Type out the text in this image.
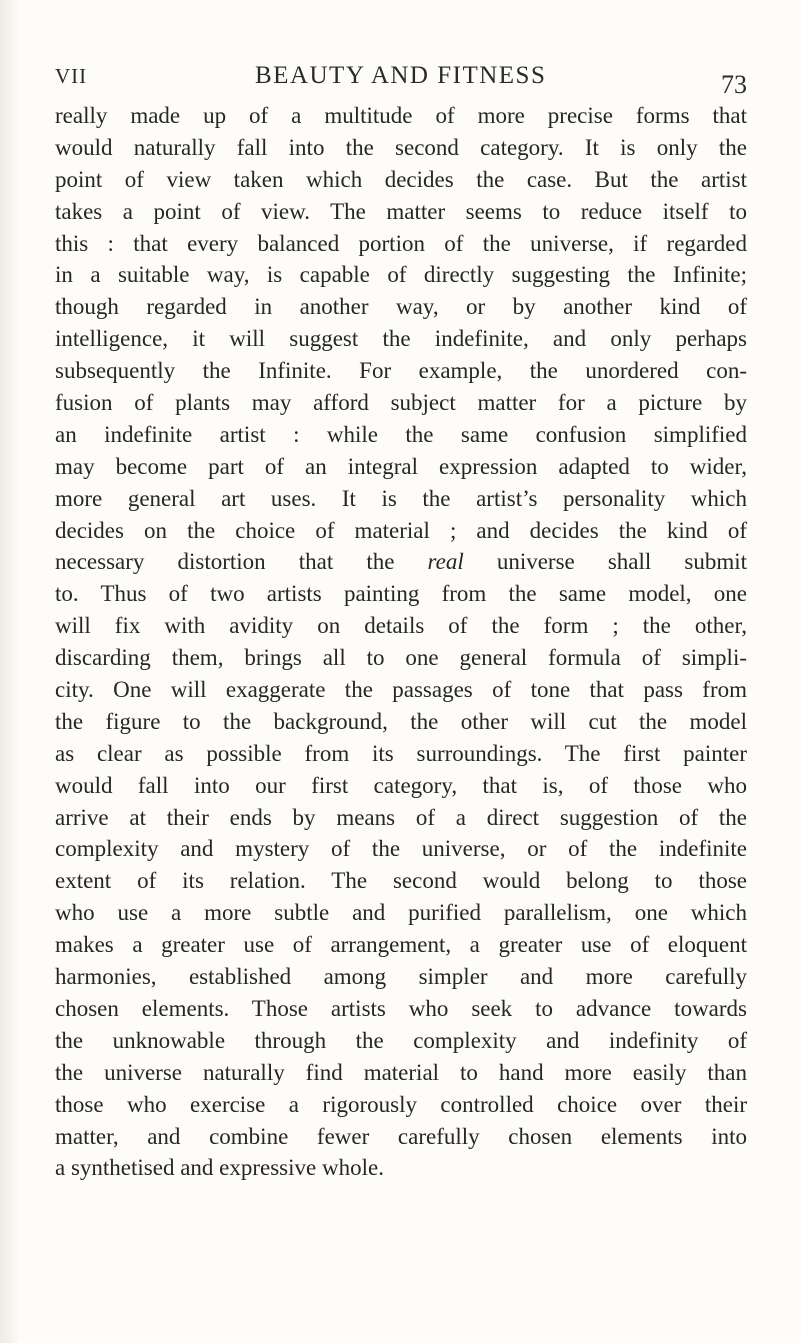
VII	BEAUTY AND FITNESS	73
really made up of a multitude of more precise forms that
would naturally fall into the second category. It is only the
point of view taken which decides the case. But the artist
takes a point of view. The matter seems to reduce itself to
this : that every balanced portion of the universe, if regarded
in a suitable way, is capable of directly suggesting the Infinite;
though regarded in another way, or by another kind of
intelligence, it will suggest the indefinite, and only perhaps
subsequently the Infinite. For example, the unordered con-
fusion of plants may afford subject matter for a picture by
an indefinite artist : while the same confusion simplified
may become part of an integral expression adapted to wider,
more general art uses. It is the artist’s personality which
decides on the choice of material ; and decides the kind of
necessary distortion that the real universe shall submit
to. Thus of two artists painting from the same model, one
will fix with avidity on details of the form ; the other,
discarding them, brings all to one general formula of simpli-
city. One will exaggerate the passages of tone that pass from
the figure to the background, the other will cut the model
as clear as possible from its surroundings. The first painter
would fall into our first category, that is, of those who
arrive at their ends by means of a direct suggestion of the
complexity and mystery of the universe, or of the indefinite
extent of its relation. The second would belong to those
who use a more subtle and purified parallelism, one which
makes a greater use of arrangement, a greater use of eloquent
harmonies, established among simpler and more carefully
chosen elements. Those artists who seek to advance towards
the unknowable through the complexity and indefinity of
the universe naturally find material to hand more easily than
those who exercise a rigorously controlled choice over their
matter, and combine fewer carefully chosen elements into
a synthetised and expressive whole.
